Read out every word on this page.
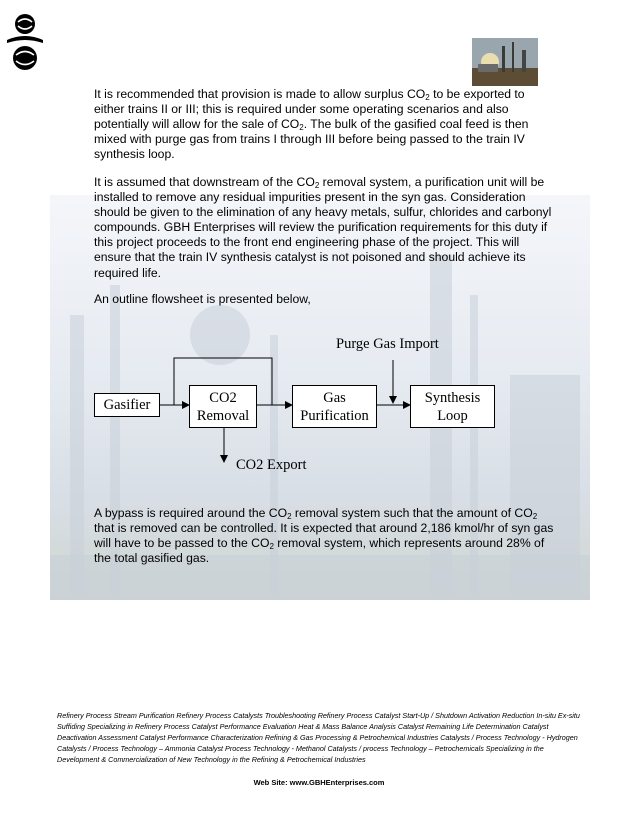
It is recommended that provision is made to allow surplus $CO_2$ to be exported to either trains II or III; this is required under some operating scenarios and also potentially will allow for the sale of $CO_2$. The bulk of the gasified coal feed is then mixed with purge gas from trains I through III before being passed to the train IV synthesis loop.

It is assumed that downstream of the $CO_2$ removal system, a purification unit will be installed to remove any residual impurities present in the syn gas. Consideration should be given to the elimination of any heavy metals, sulfur, chlorides and carbonyl compounds. GBH Enterprises will review the purification requirements for this duty if this project proceeds to the front end engineering phase of the project. This will ensure that the train IV synthesis catalyst is not poisoned and should achieve its required life.

An outline flowsheet is presented below,

Gasifier	CO2
Removal
Gas
Purification
Synthesis
Loop
Purge Gas Import
CO2 Export

A bypass is required around the $CO_2$ removal system such that the amount of $CO_2$ that is removed can be controlled. It is expected that around 2,186 kmol/hr of syn gas will have to be passed to the $CO_2$ removal system, which represents around 28% of the total gasified gas.

Refinery Process Stream Purification Refinery Process Catalysts Troubleshooting Refinery Process Catalyst Start-Up / Shutdown Activation Reduction In-situ Ex-situ Suffiding Specializing in Refinery Process Catalyst Performance Evaluation Heat & Mass Balance Analysis Catalyst Remaining Life Determination Catalyst Deactivation Assessment Catalyst Performance Characterization Refining & Gas Processing & Petrochemical Industries Catalysts / Process Technology - Hydrogen Catalysts / Process Technology – Ammonia Catalyst Process Technology - Methanol Catalysts / process Technology – Petrochemicals Specializing in the Development & Commercialization of New Technology in the Refining & Petrochemical Industries
Web Site: www.GBHEnterprises.com
